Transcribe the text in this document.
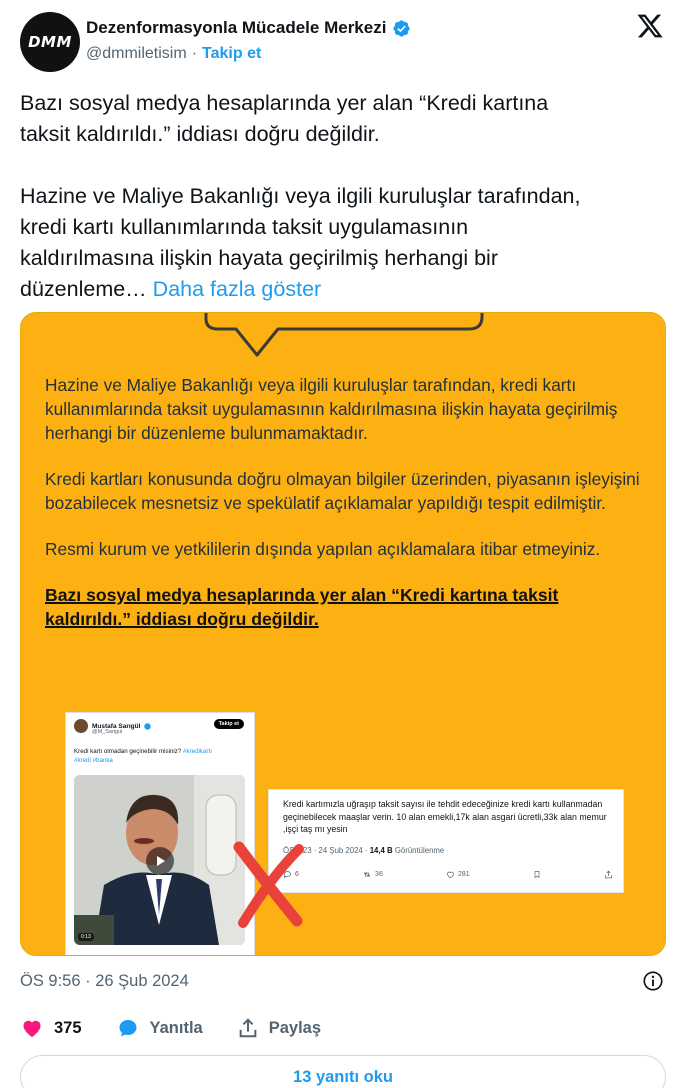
DMM
Dezenformasyonla Mücadele Merkezi
@dmmiletisim · Takip et

Bazı sosyal medya hesaplarında yer alan “Kredi kartına
taksit kaldırıldı.” iddiası doğru değildir.

Hazine ve Maliye Bakanlığı veya ilgili kuruluşlar tarafından,
kredi kartı kullanımlarında taksit uygulamasının
kaldırılmasına ilişkin hayata geçirilmiş herhangi bir
düzenleme… Daha fazla göster

Hazine ve Maliye Bakanlığı veya ilgili kuruluşlar tarafından, kredi kartı kullanımlarında taksit uygulamasının kaldırılmasına ilişkin hayata geçirilmiş herhangi bir düzenleme bulunmamaktadır.

Kredi kartları konusunda doğru olmayan bilgiler üzerinden, piyasanın işleyişini bozabilecek mesnetsiz ve spekülatif açıklamalar yapıldığı tespit edilmiştir.

Resmi kurum ve yetkililerin dışında yapılan açıklamalara itibar etmeyiniz.

Bazı sosyal medya hesaplarında yer alan “Kredi kartına taksit kaldırıldı.” iddiası doğru değildir.

Mustafa Sarıgül
@M_Sarigul
Takip et
Kredi kartı olmadan geçinebilir misiniz? #kredikartı
#kredi #banka
0:13

Kredi kartımızla uğraşıp taksit sayısı ile tehdit edeceğinize kredi kartı kullanmadan geçinebilecek maaşlar verin. 10 alan emekli,17k alan asgari ücretli,33k alan memur ,işçi taş mı yesin

ÖS 2:23 · 24 Şub 2024 · 14,4 B Görüntülenme

6	36	281
ÖS 9:56 · 26 Şub 2024
375	Yanıtla	Paylaş
13 yanıtı oku
